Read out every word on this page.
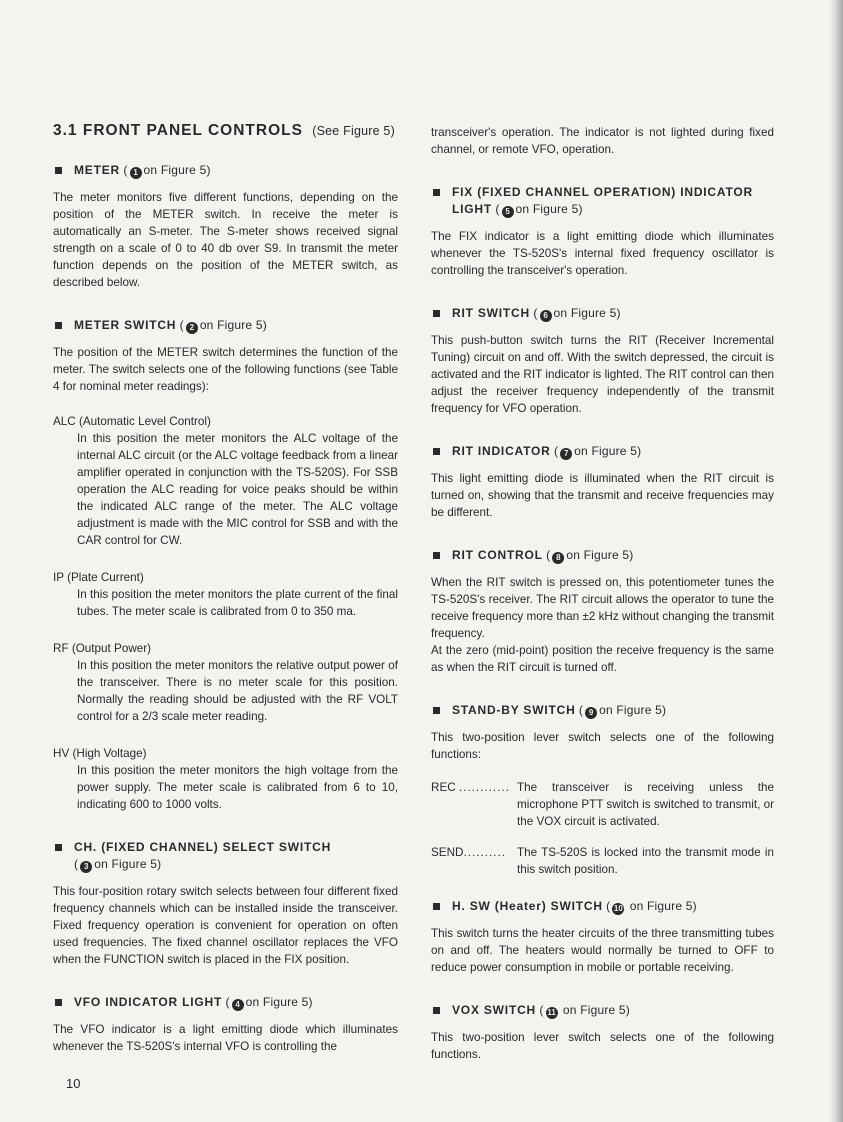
3.1 FRONT PANEL CONTROLS (See Figure 5)
METER ( 1 on Figure 5)
The meter monitors five different functions, depending on the position of the METER switch. In receive the meter is automatically an S-meter. The S-meter shows received signal strength on a scale of 0 to 40 db over S9. In transmit the meter function depends on the position of the METER switch, as described below.
METER SWITCH ( 2 on Figure 5)
The position of the METER switch determines the function of the meter. The switch selects one of the following functions (see Table 4 for nominal meter readings):
ALC (Automatic Level Control)
In this position the meter monitors the ALC voltage of the internal ALC circuit (or the ALC voltage feedback from a linear amplifier operated in conjunction with the TS-520S). For SSB operation the ALC reading for voice peaks should be within the indicated ALC range of the meter. The ALC voltage adjustment is made with the MIC control for SSB and with the CAR control for CW.
IP (Plate Current)
In this position the meter monitors the plate current of the final tubes. The meter scale is calibrated from 0 to 350 ma.
RF (Output Power)
In this position the meter monitors the relative output power of the transceiver. There is no meter scale for this position. Normally the reading should be adjusted with the RF VOLT control for a 2/3 scale meter reading.
HV (High Voltage)
In this position the meter monitors the high voltage from the power supply. The meter scale is calibrated from 6 to 10, indicating 600 to 1000 volts.
CH. (FIXED CHANNEL) SELECT SWITCH
( 3 on Figure 5)
This four-position rotary switch selects between four different fixed frequency channels which can be installed inside the transceiver. Fixed frequency operation is convenient for operation on often used frequencies. The fixed channel oscillator replaces the VFO when the FUNCTION switch is placed in the FIX position.
VFO INDICATOR LIGHT ( 4 on Figure 5)
The VFO indicator is a light emitting diode which illuminates whenever the TS-520S's internal VFO is controlling the
transceiver's operation. The indicator is not lighted during fixed channel, or remote VFO, operation.
FIX (FIXED CHANNEL OPERATION) INDICATOR LIGHT ( 5 on Figure 5)
The FIX indicator is a light emitting diode which illuminates whenever the TS-520S's internal fixed frequency oscillator is controlling the transceiver's operation.
RIT SWITCH ( 6 on Figure 5)
This push-button switch turns the RIT (Receiver Incremental Tuning) circuit on and off. With the switch depressed, the circuit is activated and the RIT indicator is lighted. The RIT control can then adjust the receiver frequency independently of the transmit frequency for VFO operation.
RIT INDICATOR ( 7 on Figure 5)
This light emitting diode is illuminated when the RIT circuit is turned on, showing that the transmit and receive frequencies may be different.
RIT CONTROL ( 8 on Figure 5)
When the RIT switch is pressed on, this potentiometer tunes the TS-520S's receiver. The RIT circuit allows the operator to tune the receive frequency more than ±2 kHz without changing the transmit frequency.
At the zero (mid-point) position the receive frequency is the same as when the RIT circuit is turned off.
STAND-BY SWITCH ( 9 on Figure 5)
This two-position lever switch selects one of the following functions:
REC ............ The transceiver is receiving unless the microphone PTT switch is switched to transmit, or the VOX circuit is activated.
SEND.......... The TS-520S is locked into the transmit mode in this switch position.
H. SW (Heater) SWITCH ( 10 on Figure 5)
This switch turns the heater circuits of the three transmitting tubes on and off. The heaters would normally be turned to OFF to reduce power consumption in mobile or portable receiving.
VOX SWITCH ( 11 on Figure 5)
This two-position lever switch selects one of the following functions.
10
